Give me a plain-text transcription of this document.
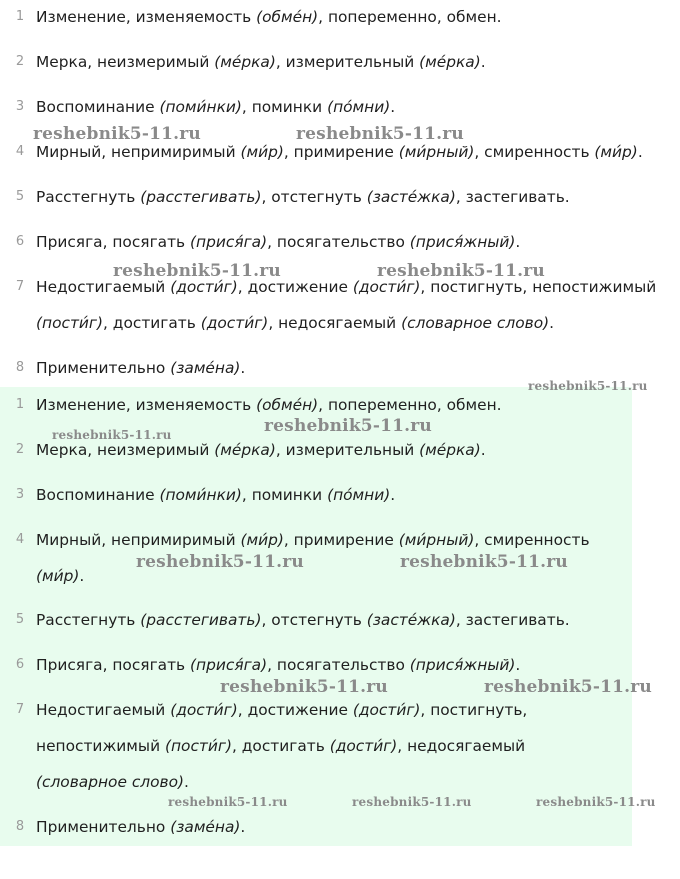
1 Изменение, изменяемость (обме́н), попеременно, обмен.
2 Мерка, неизмеримый (ме́рка), измерительный (ме́рка).
3 Воспоминание (поми́нки), поминки (по́мни).
4 Мирный, непримиримый (ми́р), примирение (ми́рный), смиренность (ми́р).
5 Расстегнуть (расстегивать), отстегнуть (засте́жка), застегивать.
6 Присяга, посягать (прися́га), посягательство (прися́жный).
7 Недостигаемый (дости́г), достижение (дости́г), постигнуть, непостижимый
(пости́г), достигать (дости́г), недосягаемый (словарное слово).
8 Применительно (заме́на).
1 Изменение, изменяемость (обме́н), попеременно, обмен.
2 Мерка, неизмеримый (ме́рка), измерительный (ме́рка).
3 Воспоминание (поми́нки), поминки (по́мни).
4 Мирный, непримиримый (ми́р), примирение (ми́рный), смиренность
(ми́р).
5 Расстегнуть (расстегивать), отстегнуть (засте́жка), застегивать.
6 Присяга, посягать (прися́га), посягательство (прися́жный).
7 Недостигаемый (дости́г), достижение (дости́г), постигнуть,
непостижимый (пости́г), достигать (дости́г), недосягаемый
(словарное слово).
8 Применительно (заме́на).
reshebnik5-11.ru	reshebnik5-11.ru
reshebnik5-11.ru	reshebnik5-11.ru
reshebnik5-11.ru
reshebnik5-11.ru
reshebnik5-11.ru
reshebnik5-11.ru	reshebnik5-11.ru
reshebnik5-11.ru	reshebnik5-11.ru
reshebnik5-11.ru	reshebnik5-11.ru	reshebnik5-11.ru
